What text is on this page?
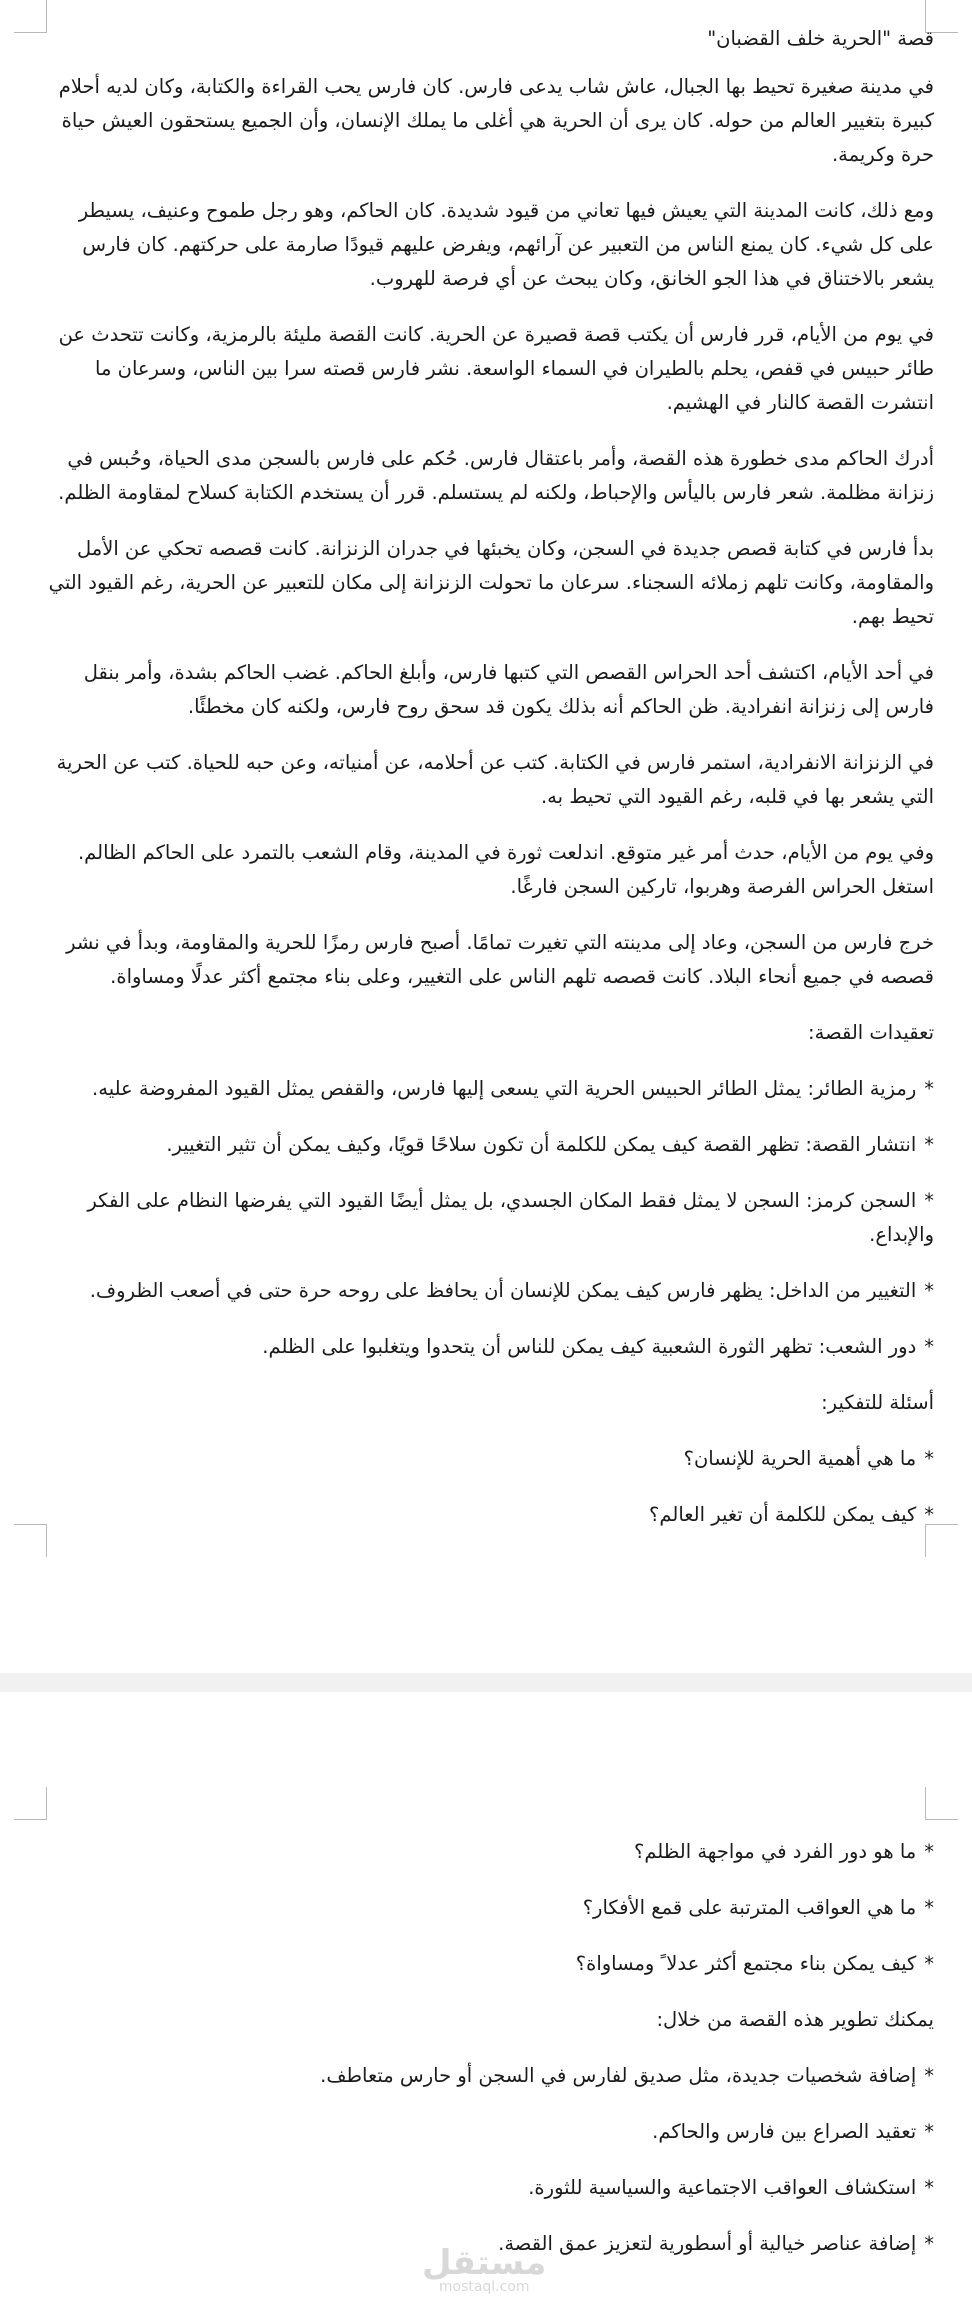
قصة "الحرية خلف القضبان"

في مدينة صغيرة تحيط بها الجبال، عاش شاب يدعى فارس. كان فارس يحب القراءة والكتابة، وكان لديه أحلام كبيرة بتغيير العالم من حوله. كان يرى أن الحرية هي أغلى ما يملك الإنسان، وأن الجميع يستحقون العيش حياة حرة وكريمة.

ومع ذلك، كانت المدينة التي يعيش فيها تعاني من قيود شديدة. كان الحاكم، وهو رجل طموح وعنيف، يسيطر على كل شيء. كان يمنع الناس من التعبير عن آرائهم، ويفرض عليهم قيودًا صارمة على حركتهم. كان فارس يشعر بالاختناق في هذا الجو الخانق، وكان يبحث عن أي فرصة للهروب.

في يوم من الأيام، قرر فارس أن يكتب قصة قصيرة عن الحرية. كانت القصة مليئة بالرمزية، وكانت تتحدث عن طائر حبيس في قفص، يحلم بالطيران في السماء الواسعة. نشر فارس قصته سرا بين الناس، وسرعان ما انتشرت القصة كالنار في الهشيم.

أدرك الحاكم مدى خطورة هذه القصة، وأمر باعتقال فارس. حُكم على فارس بالسجن مدى الحياة، وحُبس في زنزانة مظلمة. شعر فارس باليأس والإحباط، ولكنه لم يستسلم. قرر أن يستخدم الكتابة كسلاح لمقاومة الظلم.

بدأ فارس في كتابة قصص جديدة في السجن، وكان يخبئها في جدران الزنزانة. كانت قصصه تحكي عن الأمل والمقاومة، وكانت تلهم زملائه السجناء. سرعان ما تحولت الزنزانة إلى مكان للتعبير عن الحرية، رغم القيود التي تحيط بهم.

في أحد الأيام، اكتشف أحد الحراس القصص التي كتبها فارس، وأبلغ الحاكم. غضب الحاكم بشدة، وأمر بنقل فارس إلى زنزانة انفرادية. ظن الحاكم أنه بذلك يكون قد سحق روح فارس، ولكنه كان مخطئًا.

في الزنزانة الانفرادية، استمر فارس في الكتابة. كتب عن أحلامه، عن أمنياته، وعن حبه للحياة. كتب عن الحرية التي يشعر بها في قلبه، رغم القيود التي تحيط به.

وفي يوم من الأيام، حدث أمر غير متوقع. اندلعت ثورة في المدينة، وقام الشعب بالتمرد على الحاكم الظالم. استغل الحراس الفرصة وهربوا، تاركين السجن فارغًا.

خرج فارس من السجن، وعاد إلى مدينته التي تغيرت تمامًا. أصبح فارس رمزًا للحرية والمقاومة، وبدأ في نشر قصصه في جميع أنحاء البلاد. كانت قصصه تلهم الناس على التغيير، وعلى بناء مجتمع أكثر عدلًا ومساواة.

تعقيدات القصة:

*رمزية الطائر: يمثل الطائر الحبيس الحرية التي يسعى إليها فارس، والقفص يمثل القيود المفروضة عليه.

*انتشار القصة: تظهر القصة كيف يمكن للكلمة أن تكون سلاحًا قويًا، وكيف يمكن أن تثير التغيير.

*السجن كرمز: السجن لا يمثل فقط المكان الجسدي، بل يمثل أيضًا القيود التي يفرضها النظام على الفكر والإبداع.

*التغيير من الداخل: يظهر فارس كيف يمكن للإنسان أن يحافظ على روحه حرة حتى في أصعب الظروف.

*دور الشعب: تظهر الثورة الشعبية كيف يمكن للناس أن يتحدوا ويتغلبوا على الظلم.

أسئلة للتفكير:

*ما هي أهمية الحرية للإنسان؟

*كيف يمكن للكلمة أن تغير العالم؟

*ما هو دور الفرد في مواجهة الظلم؟

*ما هي العواقب المترتبة على قمع الأفكار؟

*كيف يمكن بناء مجتمع أكثر عدلا ً ومساواة؟

يمكنك تطوير هذه القصة من خلال:

*إضافة شخصيات جديدة، مثل صديق لفارس في السجن أو حارس متعاطف.

*تعقيد الصراع بين فارس والحاكم.

*استكشاف العواقب الاجتماعية والسياسية للثورة.

*إضافة عناصر خيالية أو أسطورية لتعزيز عمق القصة.

مستقل
mostaql.com
